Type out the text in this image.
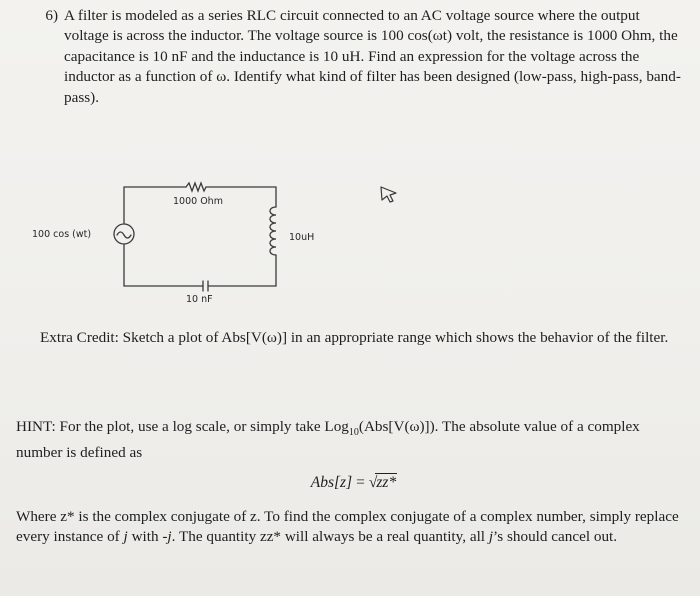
6) A filter is modeled as a series RLC circuit connected to an AC voltage source where the output voltage is across the inductor. The voltage source is 100 cos(ωt) volt, the resistance is 1000 Ohm, the capacitance is 10 nF and the inductance is 10 uH. Find an expression for the voltage across the inductor as a function of ω. Identify what kind of filter has been designed (low-pass, high-pass, band-pass).
1000 Ohm
100 cos (wt)	10uH
10 nF
Extra Credit: Sketch a plot of Abs[V(ω)] in an appropriate range which shows the behavior of the filter.
HINT: For the plot, use a log scale, or simply take Log$_{10}$(Abs[V(ω)]). The absolute value of a complex number is defined as
Abs[z] = √zz*
Where z* is the complex conjugate of z. To find the complex conjugate of a complex number, simply replace every instance of j with -j. The quantity zz* will always be a real quantity, all j’s should cancel out.
